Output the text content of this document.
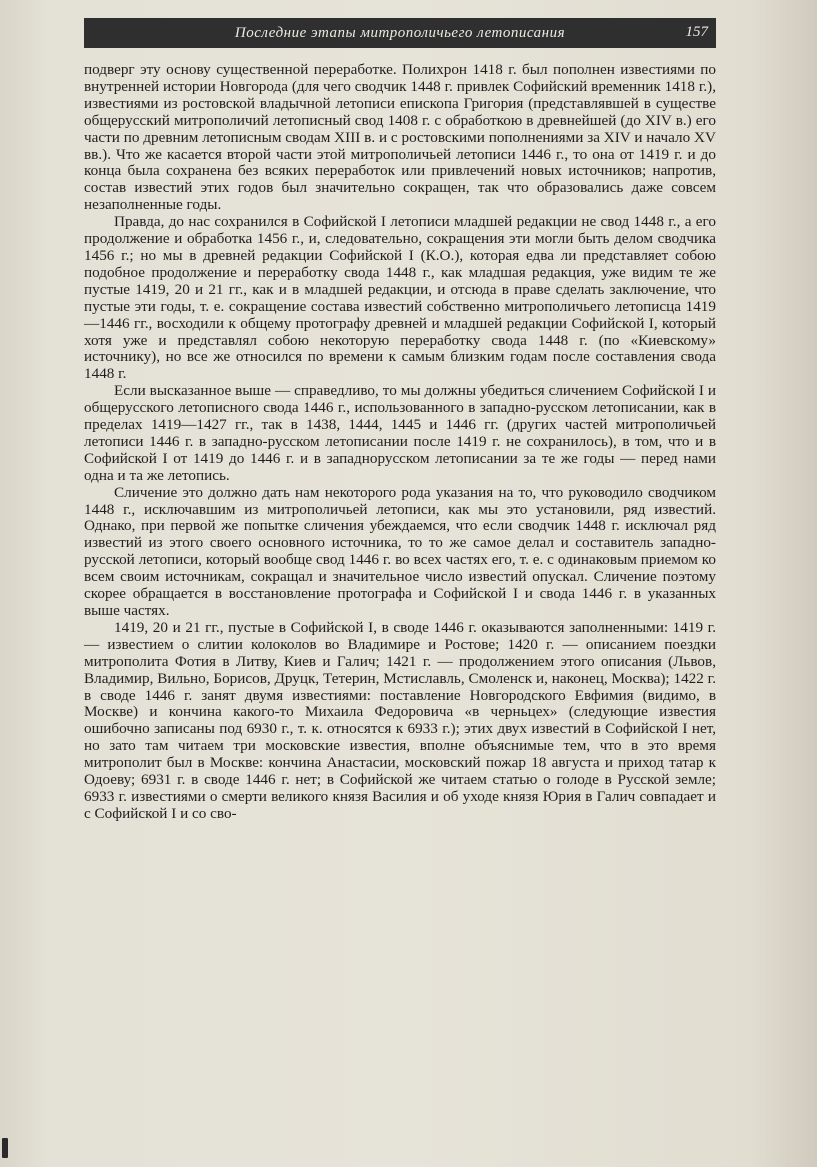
Последние этапы митрополичьего летописания	157

подверг эту основу существенной переработке. Полихрон 1418 г. был пополнен известиями по внутренней истории Новгорода (для чего сводчик 1448 г. привлек Софийский временник 1418 г.), известиями из ростовской владычной летописи епископа Григория (представлявшей в существе общерусский митрополичий летописный свод 1408 г. с обработкою в древнейшей (до XIV в.) его части по древним летописным сводам XIII в. и с ростовскими пополнениями за XIV и начало XV вв.). Что же касается второй части этой митрополичьей летописи 1446 г., то она от 1419 г. и до конца была сохранена без всяких переработок или привлечений новых источников; напротив, состав известий этих годов был значительно сокращен, так что образовались даже совсем незаполненные годы.

Правда, до нас сохранился в Софийской I летописи младшей редакции не свод 1448 г., а его продолжение и обработка 1456 г., и, следовательно, сокращения эти могли быть делом сводчика 1456 г.; но мы в древней редакции Софийской I (К.О.), которая едва ли представляет собою подобное продолжение и переработку свода 1448 г., как младшая редакция, уже видим те же пустые 1419, 20 и 21 гг., как и в младшей редакции, и отсюда в праве сделать заключение, что пустые эти годы, т. е. сокращение состава известий собственно митрополичьего летописца 1419—1446 гг., восходили к общему протографу древней и младшей редакции Софийской I, который хотя уже и представлял собою некоторую переработку свода 1448 г. (по «Киевскому» источнику), но все же относился по времени к самым близким годам после составления свода 1448 г.

Если высказанное выше — справедливо, то мы должны убедиться сличением Софийской I и общерусского летописного свода 1446 г., использованного в западно-русском летописании, как в пределах 1419—1427 гг., так в 1438, 1444, 1445 и 1446 гг. (других частей митрополичьей летописи 1446 г. в западно-русском летописании после 1419 г. не сохранилось), в том, что и в Софийской I от 1419 до 1446 г. и в западнорусском летописании за те же годы — перед нами одна и та же летопись.

Сличение это должно дать нам некоторого рода указания на то, что руководило сводчиком 1448 г., исключавшим из митрополичьей летописи, как мы это установили, ряд известий. Однако, при первой же попытке сличения убеждаемся, что если сводчик 1448 г. исключал ряд известий из этого своего основного источника, то то же самое делал и составитель западно-русской летописи, который вообще свод 1446 г. во всех частях его, т. е. с одинаковым приемом ко всем своим источникам, сокращал и значительное число известий опускал. Сличение поэтому скорее обращается в восстановление протографа и Софийской I и свода 1446 г. в указанных выше частях.

1419, 20 и 21 гг., пустые в Софийской I, в своде 1446 г. оказываются заполненными: 1419 г. — известием о слитии колоколов во Владимире и Ростове; 1420 г. — описанием поездки митрополита Фотия в Литву, Киев и Галич; 1421 г. — продолжением этого описания (Львов, Владимир, Вильно, Борисов, Друцк, Тетерин, Мстиславль, Смоленск и, наконец, Москва); 1422 г. в своде 1446 г. занят двумя известиями: поставление Новгородского Евфимия (видимо, в Москве) и кончина какого-то Михаила Федоровича «в черньцех» (следующие известия ошибочно записаны под 6930 г., т. к. относятся к 6933 г.); этих двух известий в Софийской I нет, но зато там читаем три московские известия, вполне объяснимые тем, что в это время митрополит был в Москве: кончина Анастасии, московский пожар 18 августа и приход татар к Одоеву; 6931 г. в своде 1446 г. нет; в Софийской же читаем статью о голоде в Русской земле; 6933 г. известиями о смерти великого князя Василия и об уходе князя Юрия в Галич совпадает и с Софийской I и со сво-
